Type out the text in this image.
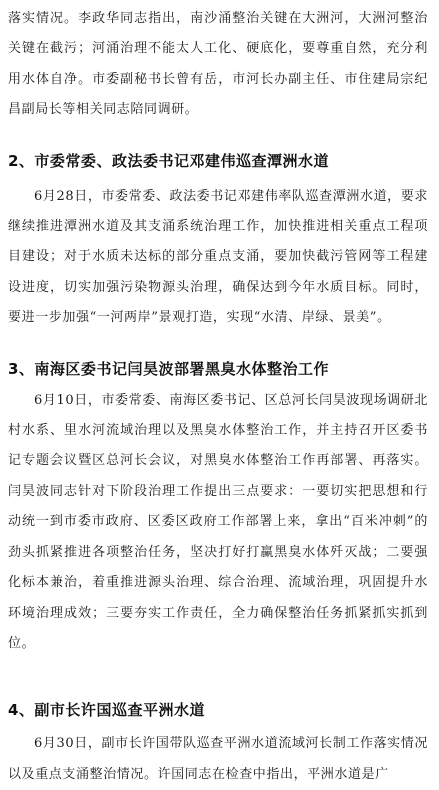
落实情况。李政华同志指出，南沙涌整治关键在大洲河，大洲河整治关键在截污；河涌治理不能太人工化、硬底化，要尊重自然，充分利用水体自净。市委副秘书长曾有岳，市河长办副主任、市住建局宗纪昌副局长等相关同志陪同调研。

2、市委常委、政法委书记邓建伟巡查潭洲水道

6月28日，市委常委、政法委书记邓建伟率队巡查潭洲水道，要求继续推进潭洲水道及其支涌系统治理工作，加快推进相关重点工程项目建设；对于水质未达标的部分重点支涌，要加快截污管网等工程建设进度，切实加强污染物源头治理，确保达到今年水质目标。同时，要进一步加强“一河两岸”景观打造，实现“水清、岸绿、景美”。

3、南海区委书记闫昊波部署黑臭水体整治工作

6月10日，市委常委、南海区委书记、区总河长闫昊波现场调研北村水系、里水河流域治理以及黑臭水体整治工作，并主持召开区委书记专题会议暨区总河长会议，对黑臭水体整治工作再部署、再落实。闫昊波同志针对下阶段治理工作提出三点要求：一要切实把思想和行动统一到市委市政府、区委区政府工作部署上来，拿出“百米冲刺”的劲头抓紧推进各项整治任务，坚决打好打赢黑臭水体歼灭战；二要强化标本兼治，着重推进源头治理、综合治理、流域治理，巩固提升水环境治理成效；三要夯实工作责任，全力确保整治任务抓紧抓实抓到位。

4、副市长许国巡查平洲水道

6月30日，副市长许国带队巡查平洲水道流域河长制工作落实情况以及重点支涌整治情况。许国同志在检查中指出，平洲水道是广
